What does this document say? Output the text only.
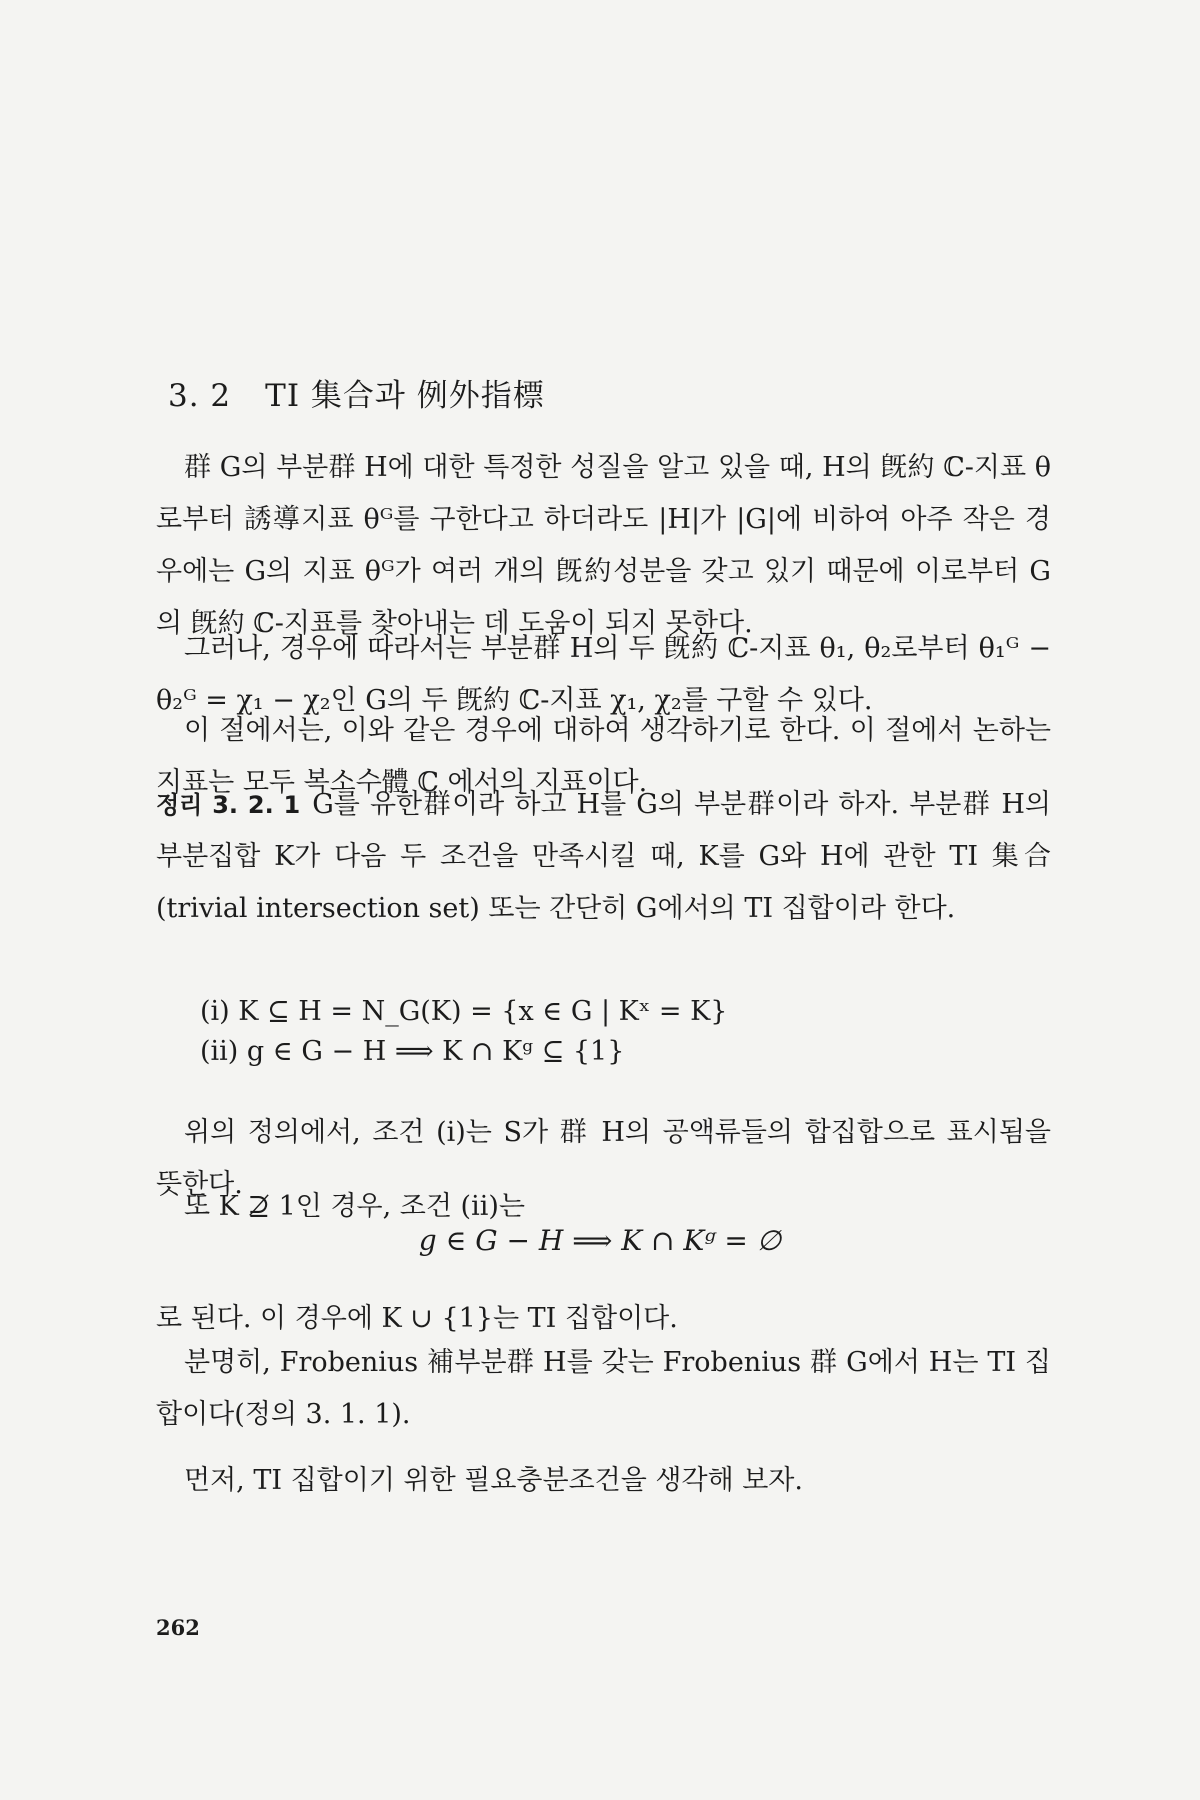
3. 2 TI 集合과 例外指標

群 G의 부분群 H에 대한 특정한 성질을 알고 있을 때, H의 旣約 ℂ-지표 θ로부터 誘導지표 θᴳ를 구한다고 하더라도 |H|가 |G|에 비하여 아주 작은 경우에는 G의 지표 θᴳ가 여러 개의 旣約성분을 갖고 있기 때문에 이로부터 G의 旣約 ℂ-지표를 찾아내는 데 도움이 되지 못한다.

그러나, 경우에 따라서는 부분群 H의 두 旣約 ℂ-지표 θ₁, θ₂로부터 θ₁ᴳ − θ₂ᴳ = χ₁ − χ₂인 G의 두 旣約 ℂ-지표 χ₁, χ₂를 구할 수 있다.

이 절에서는, 이와 같은 경우에 대하여 생각하기로 한다. 이 절에서 논하는 지표는 모두 복소수體 ℂ 에서의 지표이다.

정리 3. 2. 1 G를 유한群이라 하고 H를 G의 부분群이라 하자. 부분群 H의 부분집합 K가 다음 두 조건을 만족시킬 때, K를 G와 H에 관한 TI 集合(trivial intersection set) 또는 간단히 G에서의 TI 집합이라 한다.

(i) K ⊆ H = N_G(K) = {x ∈ G | Kˣ = K}
(ii) g ∈ G − H ⟹ K ∩ Kᵍ ⊆ {1}

위의 정의에서, 조건 (i)는 S가 群 H의 공액류들의 합집합으로 표시됨을 뜻한다.

또 K ⊉ 1인 경우, 조건 (ii)는

g ∈ G − H ⟹ K ∩ Kᵍ = ∅

로 된다. 이 경우에 K ∪ {1}는 TI 집합이다.

분명히, Frobenius 補부분群 H를 갖는 Frobenius 群 G에서 H는 TI 집합이다(정의 3. 1. 1).

먼저, TI 집합이기 위한 필요충분조건을 생각해 보자.

262
